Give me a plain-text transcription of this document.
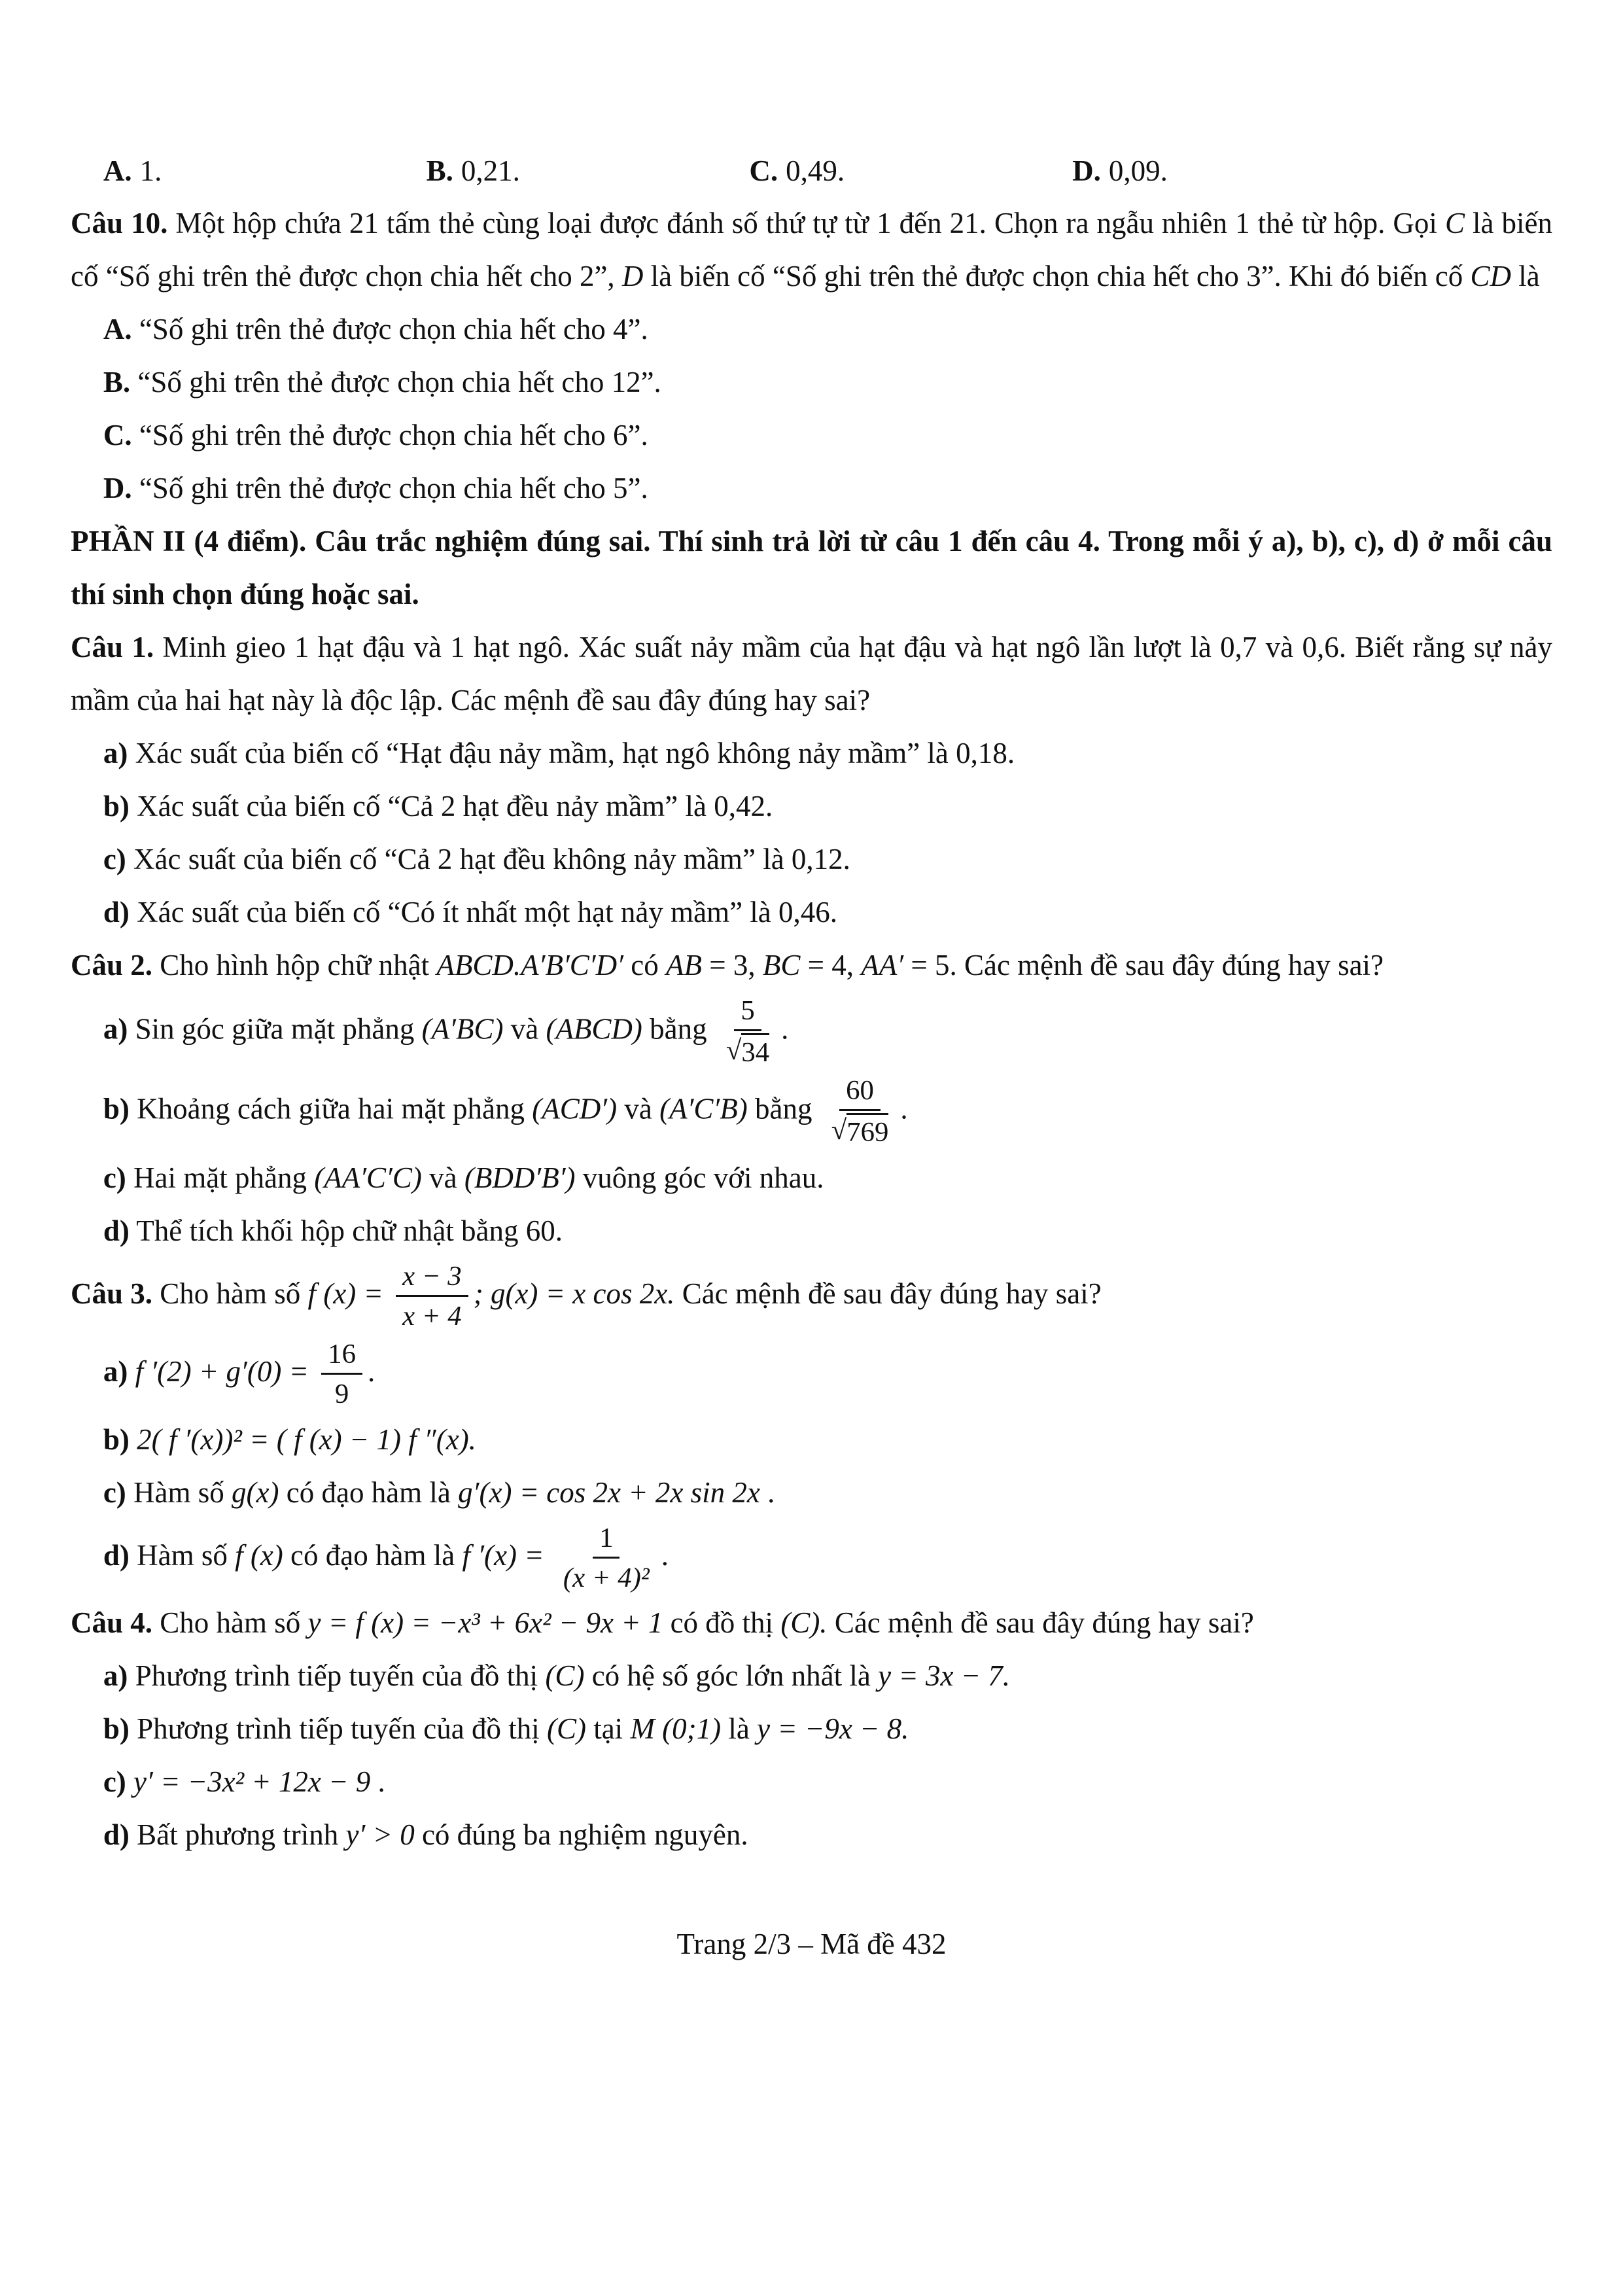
A. 1.	B. 0,21.	C. 0,49.	D. 0,09.
Câu 10. Một hộp chứa 21 tấm thẻ cùng loại được đánh số thứ tự từ 1 đến 21. Chọn ra ngẫu nhiên 1 thẻ từ hộp. Gọi C là biến cố “Số ghi trên thẻ được chọn chia hết cho 2”, D là biến cố “Số ghi trên thẻ được chọn chia hết cho 3”. Khi đó biến cố CD là
A. “Số ghi trên thẻ được chọn chia hết cho 4”.
B. “Số ghi trên thẻ được chọn chia hết cho 12”.
C. “Số ghi trên thẻ được chọn chia hết cho 6”.
D. “Số ghi trên thẻ được chọn chia hết cho 5”.
PHẦN II (4 điểm). Câu trắc nghiệm đúng sai. Thí sinh trả lời từ câu 1 đến câu 4. Trong mỗi ý a), b), c), d) ở mỗi câu thí sinh chọn đúng hoặc sai.
Câu 1. Minh gieo 1 hạt đậu và 1 hạt ngô. Xác suất nảy mầm của hạt đậu và hạt ngô lần lượt là 0,7 và 0,6. Biết rằng sự nảy mầm của hai hạt này là độc lập. Các mệnh đề sau đây đúng hay sai?
a) Xác suất của biến cố “Hạt đậu nảy mầm, hạt ngô không nảy mầm” là 0,18.
b) Xác suất của biến cố “Cả 2 hạt đều nảy mầm” là 0,42.
c) Xác suất của biến cố “Cả 2 hạt đều không nảy mầm” là 0,12.
d) Xác suất của biến cố “Có ít nhất một hạt nảy mầm” là 0,46.
Câu 2. Cho hình hộp chữ nhật ABCD.A′B′C′D′ có AB = 3, BC = 4, AA′ = 5. Các mệnh đề sau đây đúng hay sai?
a) Sin góc giữa mặt phẳng (A′BC) và (ABCD) bằng $\frac{5}{√ 34}$ .
b) Khoảng cách giữa hai mặt phẳng (ACD′) và (A′C′B) bằng $\frac{60}{√ 769}$ .
c) Hai mặt phẳng (AA′C′C) và (BDD′B′) vuông góc với nhau.
d) Thể tích khối hộp chữ nhật bằng 60.
Câu 3. Cho hàm số f $(x) = \frac{x - 3}{x + 4}$ ; g(x) = x cos 2x. Các mệnh đề sau đây đúng hay sai?
a) f $'(2) + g'(0) = \frac{16}{9}$ .
b) 2( f ′(x))² = ( f (x) − 1) f ″(x).
c) Hàm số g(x) có đạo hàm là g′(x) = cos 2x + 2x sin 2x .
d) Hàm số f (x) có đạo hàm là f $'(x) = \frac{1}{\text{(x + 4)²}}$ .
Câu 4. Cho hàm số y = f (x) = −x³ + 6x² − 9x + 1 có đồ thị (C). Các mệnh đề sau đây đúng hay sai?
a) Phương trình tiếp tuyến của đồ thị (C) có hệ số góc lớn nhất là y = 3x − 7.
b) Phương trình tiếp tuyến của đồ thị (C) tại M (0;1) là y = −9x − 8.
c) y′ = −3x² + 12x − 9 .
d) Bất phương trình y′ > 0 có đúng ba nghiệm nguyên.
Trang 2/3 – Mã đề 432
